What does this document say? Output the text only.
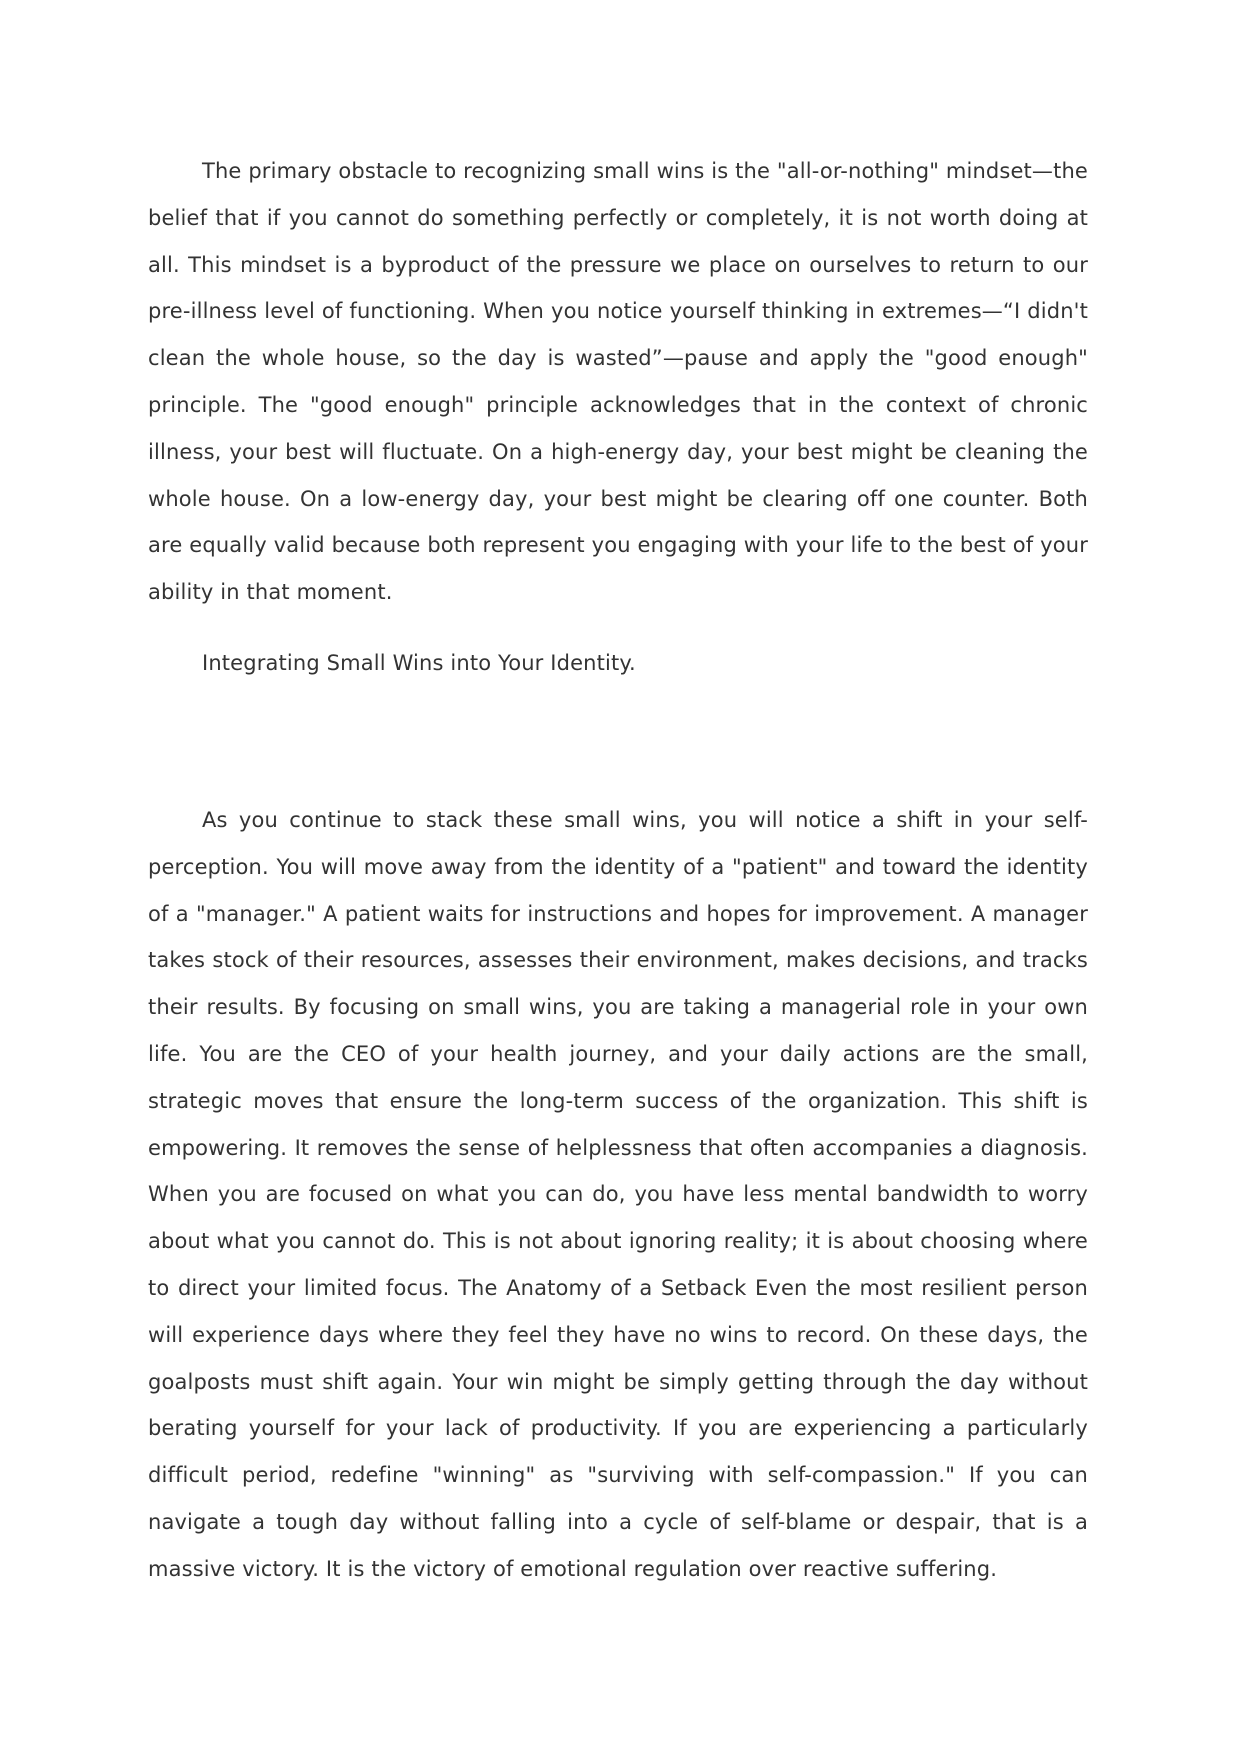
The primary obstacle to recognizing small wins is the "all-or-nothing" mindset—the belief that if you cannot do something perfectly or completely, it is not worth doing at all. This mindset is a byproduct of the pressure we place on ourselves to return to our pre-illness level of functioning. When you notice yourself thinking in extremes—“I didn't clean the whole house, so the day is wasted”—pause and apply the "good enough" principle. The "good enough" principle acknowledges that in the context of chronic illness, your best will fluctuate. On a high-energy day, your best might be cleaning the whole house. On a low-energy day, your best might be clearing off one counter. Both are equally valid because both represent you engaging with your life to the best of your ability in that moment.

Integrating Small Wins into Your Identity.

As you continue to stack these small wins, you will notice a shift in your self-perception. You will move away from the identity of a "patient" and toward the identity of a "manager." A patient waits for instructions and hopes for improvement. A manager takes stock of their resources, assesses their environment, makes decisions, and tracks their results. By focusing on small wins, you are taking a managerial role in your own life. You are the CEO of your health journey, and your daily actions are the small, strategic moves that ensure the long-term success of the organization. This shift is empowering. It removes the sense of helplessness that often accompanies a diagnosis. When you are focused on what you can do, you have less mental bandwidth to worry about what you cannot do. This is not about ignoring reality; it is about choosing where to direct your limited focus. The Anatomy of a Setback Even the most resilient person will experience days where they feel they have no wins to record. On these days, the goalposts must shift again. Your win might be simply getting through the day without berating yourself for your lack of productivity. If you are experiencing a particularly difficult period, redefine "winning" as "surviving with self-compassion." If you can navigate a tough day without falling into a cycle of self-blame or despair, that is a massive victory. It is the victory of emotional regulation over reactive suffering.
